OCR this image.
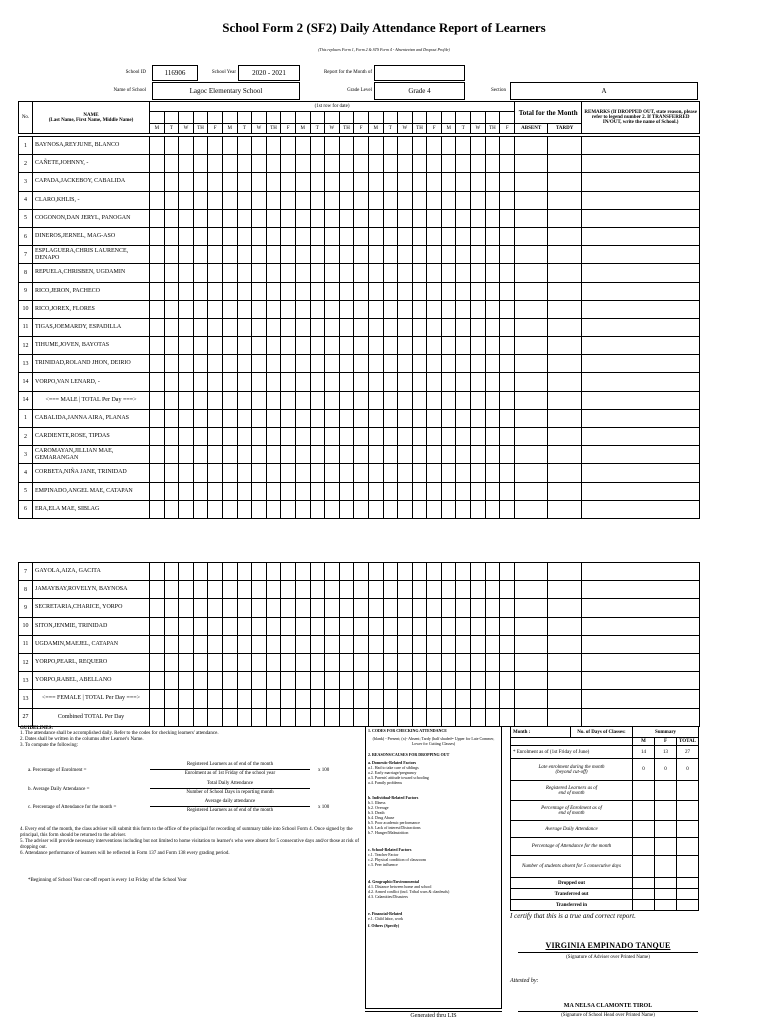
School Form 2 (SF2) Daily Attendance Report of Learners
(This replaces Form 1, Form 2 & STS Form 4 - Absenteeism and Dropout Profile)
School ID	116906	School Year	2020 - 2021	Report for the Month of
Name of School	Lagoc Elementary School	Grade Level	Grade 4	Section	A
No.	NAME
(Last Name, First Name, Middle Name)	(1st row for date)																									Total for the Month		REMARKS (If DROPPED OUT, state reason, please refer to legend number 2. If TRANSFERRED IN/OUT, write the name of School.)

		M	T	W	TH	F	M	T	W	TH	F	M	T	W	TH	F	M	T	W	TH	F	M	T	W	TH	F	ABSENT	TARDY	
1	BAYNOSA,REYJUNE, BLANCO																												

2	CAÑETE,JOHNNY, -																												

3	CAPADA,JACKEBOY, CABALIDA																												

4	CLARO,KHLIS, -																												

5	COGONON,DAN JERYL, PANOGAN																												

6	DINEROS,JERNEL, MAG-ASO																												

7	ESPLAGUERA,CHRIS LAURENCE,
DENAPO																												

8	REPUELA,CHRISBEN, UGDAMIN																												

9	RICO,JERON, PACHECO																												

10	RICO,JOREX, FLORES																												

11	TIGAS,JOEMARDY, ESPADILLA																												

12	TIHUME,JOVEN, BAYOTAS																												

13	TRINIDAD,ROLAND JHON, DEIRIO																												

14	VORPO,VAN LENARD, -																												

14	<=== MALE | TOTAL Per Day ===>																												

1	CABALIDA,JANNA AIRA, PLANAS																												

2	CARDIENTE,ROSE, TIPDAS																												

3	CAROMAYAN,JILLIAN MAE,
GEMARANGAN																												

4	CORBETA,NIÑA JANE, TRINIDAD																												

5	EMPINADO,ANGEL MAE, CATAPAN																												

6	ERA,ELA MAE, SIBLAG																												

7	GAYOLA,AIZA, GACITA																												

8	JAMAYBAY,ROVELYN, BAYNOSA																												

9	SECRETARIA,CHARICE, YORPO																												

10	SITON,JENMIE, TRINIDAD																												

11	UGDAMIN,MAEJEL, CATAPAN																												

12	YORPO,PEARL, REQUERO																												

13	YORPO,RABEL, ABELLANO																												

13	<=== FEMALE | TOTAL Per Day ===>																												

27	Combined TOTAL Per Day																												

GUIDELINES:
1. The attendance shall be accomplished daily. Refer to the codes for checking learners' attendance.
2. Dates shall be written in the columns after Learner's Name.
3. To compute the following:
a. Percentage of Enrolment =
Registered Learners as of end of the month
Enrolment as of 1st Friday of the school year
x 100
b. Average Daily Attendance =
Total Daily Attendance
Number of School Days in reporting month
c. Percentage of Attendance for the month =
Average daily attendance
Registered Learners as of end of the month
x 100
4. Every end of the month, the class adviser will submit this form to the office of the principal for recording of summary table into School Form 4. Once signed by the principal, this form should be returned to the adviser.
5. The adviser will provide necessary interventions including but not limited to home visitation to learner's who were absent for 5 consecutive days and/or those at risk of dropping out.
6. Attendance performance of learners will be reflected in Form 137 and Form 138 every grading period.
*Beginning of School Year cut-off report is every 1st Friday of the School Year
1. CODES FOR CHECKING ATTENDANCE
(blank) - Present; (x)- Absent; Tardy (half shaded= Upper for Late Commer, Lower for Cutting Classes)
2. REASONS/CAUSES FOR DROPPING OUT
a. Domestic-Related Factors
a.1. Had to take care of siblings
a.2. Early marriage/pregnancy
a.3. Parents' attitude toward schooling
a.4. Family problems
b. Individual-Related Factors
b.1. Illness
b.2. Overage
b.3. Death
b.4. Drug Abuse
b.5. Poor academic performance
b.6. Lack of interest/Distractions
b.7. Hunger/Malnutrition
c. School-Related Factors
c.1. Teacher Factor
c.2. Physical condition of classroom
c.3. Peer influence
d. Geographic/Environmental
d.1. Distance between home and school
d.2. Armed conflict (incl. Tribal wars & clanfeuds)
d.3. Calamities/Disasters
e. Financial-Related
e.1. Child labor, work
f. Others (Specify)
Month :	No. of Days of Classes:	Summary		
		M	F	TOTAL
* Enrolment as of (1st Friday of June)		14	13	27

Late enrolment during the month
(beyond cut-off)		0	0	0

Registered Learners as of
end of month				

Percentage of Enrolment as of
end of month				

Average Daily Attendance				
Percentage of Attendance for the month				
Number of students absent for 5 consecutive days				
Dropped out				
Transferred out				
Transferred in				
I certify that this is a true and correct report.
VIRGINIA EMPINADO TANQUE
(Signature of Adviser over Printed Name)
Attested by:
MA NELSA CLAMONTE TIROL
(Signature of School Head over Printed Name)
Generated thru LIS
